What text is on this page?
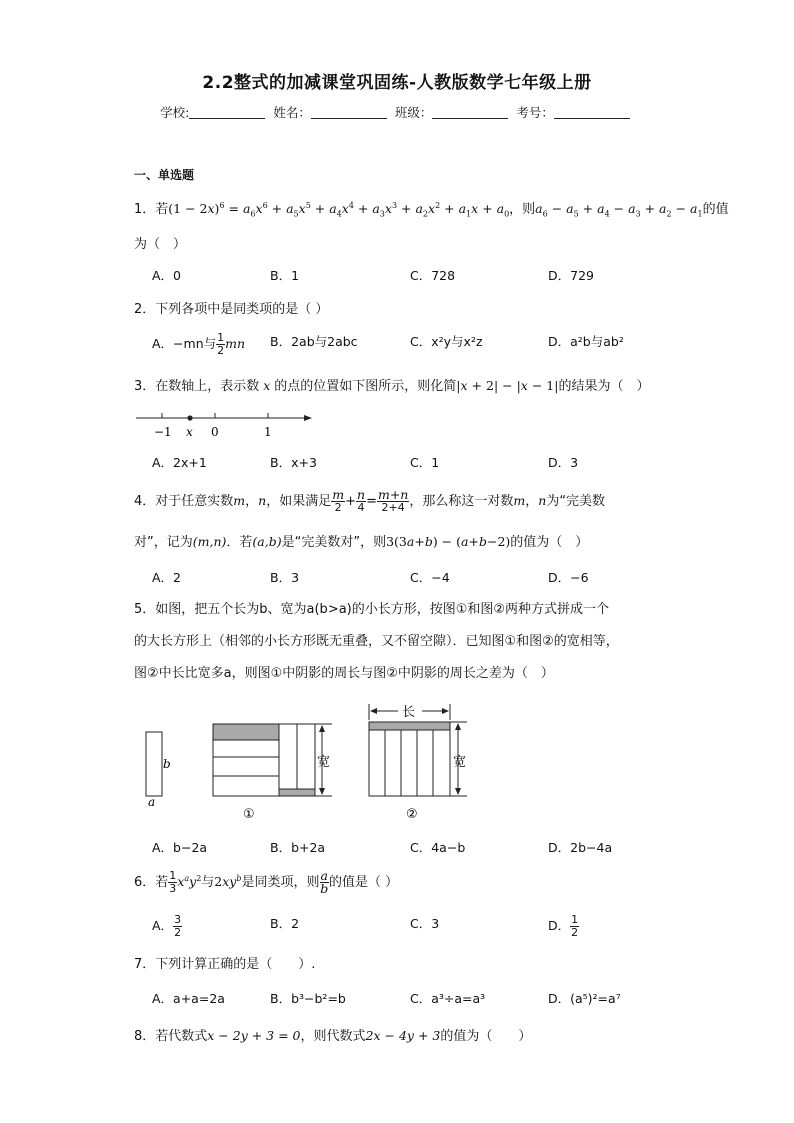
2.2整式的加减课堂巩固练-人教版数学七年级上册
学校:	姓名：	班级：	考号：
一、单选题
1．若$(1 - 2x)^6 = a_6x^6 + a_5x^5 + a_4x^4 + a_3x^3 + a_2x^2 + a_1x + a_0$，则$a_6 - a_5 + a_4 - a_3 + a_2 - a_1$的值
为（　）
A．0	B．1	C．728	D．729
2．下列各项中是同类项的是（ ）
A．−mn与 $\frac{1}{2}$ mn B．2ab与2abc	C．x²y与x²z	D．a²b与ab²
3．在数轴上，表示数 x 的点的位置如下图所示，则化简|x + 2| − |x − 1|的结果为（　）
−1 x 0	1
A．2x+1	B．x+3	C．1	D．3
4．对于任意实数m，n，如果满足 $\frac{m}{2} + \frac{n}{4} = \frac{m+n}{2+4}$ ，那么称这一对数m，n为“完美数
对”，记为(m,n)．若(a,b)是“完美数对”，则3(3a+b) − (a+b−2)的值为（　）
A．2	B．3	C．−4	D．−6
5．如图，把五个长为b、宽为a(b>a)的小长方形，按图①和图②两种方式拼成一个
的大长方形上（相邻的小长方形既无重叠，又不留空隙）．已知图①和图②的宽相等，
图②中长比宽多a，则图①中阴影的周长与图②中阴影的周长之差为（　）
b
a
宽
①
长
宽
②
A．b−2a	B．b+2a	C．4a−b	D．2b−4a
6．若 $\frac{1}{3} x^ay^2$与$2xy^b$是同类项，则 $\frac{a}{b}$ 的值是（ ）
A． $\frac{3}{2}$	B．2	C．3	D． $\frac{1}{2}$
7．下列计算正确的是（　　）.
A．a+a=2a	B．b³−b²=b	C．a³÷a=a³	D．(a⁵)²=a⁷
8．若代数式x − 2y + 3 = 0，则代数式2x − 4y + 3的值为（　　）
